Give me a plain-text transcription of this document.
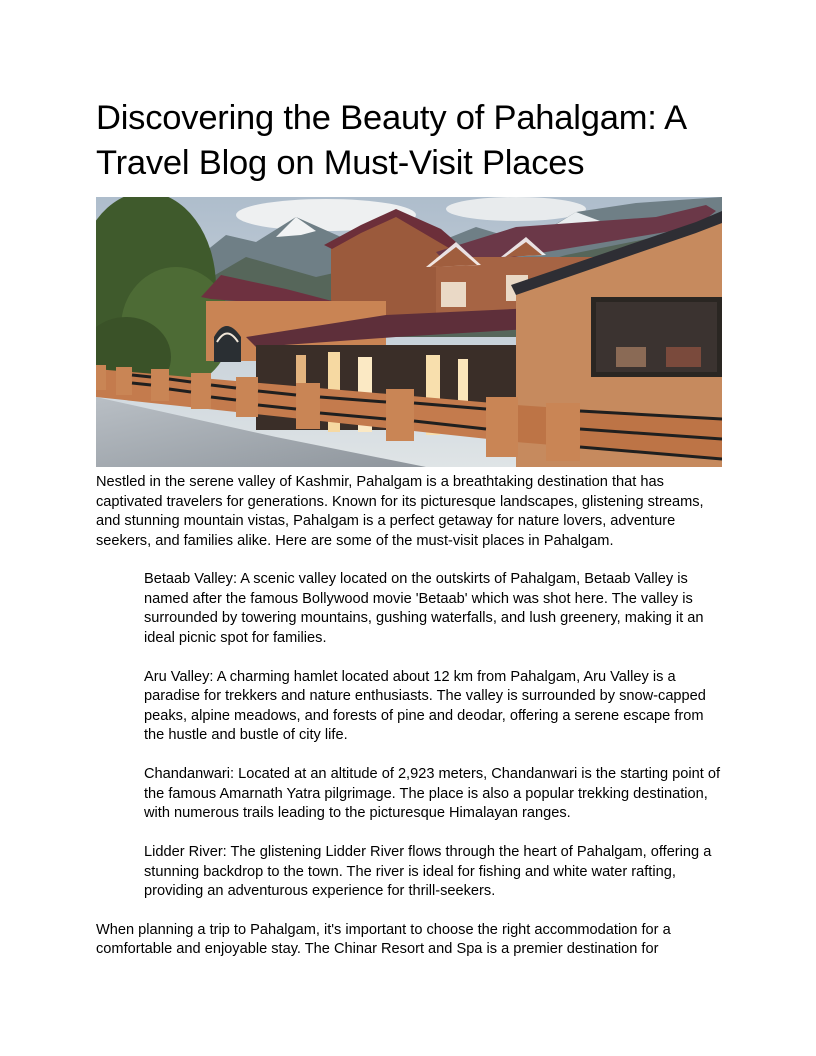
Discovering the Beauty of Pahalgam: A Travel Blog on Must-Visit Places

Nestled in the serene valley of Kashmir, Pahalgam is a breathtaking destination that has captivated travelers for generations. Known for its picturesque landscapes, glistening streams, and stunning mountain vistas, Pahalgam is a perfect getaway for nature lovers, adventure seekers, and families alike. Here are some of the must-visit places in Pahalgam.

Betaab Valley: A scenic valley located on the outskirts of Pahalgam, Betaab Valley is named after the famous Bollywood movie 'Betaab' which was shot here. The valley is surrounded by towering mountains, gushing waterfalls, and lush greenery, making it an ideal picnic spot for families.

Aru Valley: A charming hamlet located about 12 km from Pahalgam, Aru Valley is a paradise for trekkers and nature enthusiasts. The valley is surrounded by snow-capped peaks, alpine meadows, and forests of pine and deodar, offering a serene escape from the hustle and bustle of city life.

Chandanwari: Located at an altitude of 2,923 meters, Chandanwari is the starting point of the famous Amarnath Yatra pilgrimage. The place is also a popular trekking destination, with numerous trails leading to the picturesque Himalayan ranges.

Lidder River: The glistening Lidder River flows through the heart of Pahalgam, offering a stunning backdrop to the town. The river is ideal for fishing and white water rafting, providing an adventurous experience for thrill-seekers.

When planning a trip to Pahalgam, it's important to choose the right accommodation for a comfortable and enjoyable stay. The Chinar Resort and Spa is a premier destination for
